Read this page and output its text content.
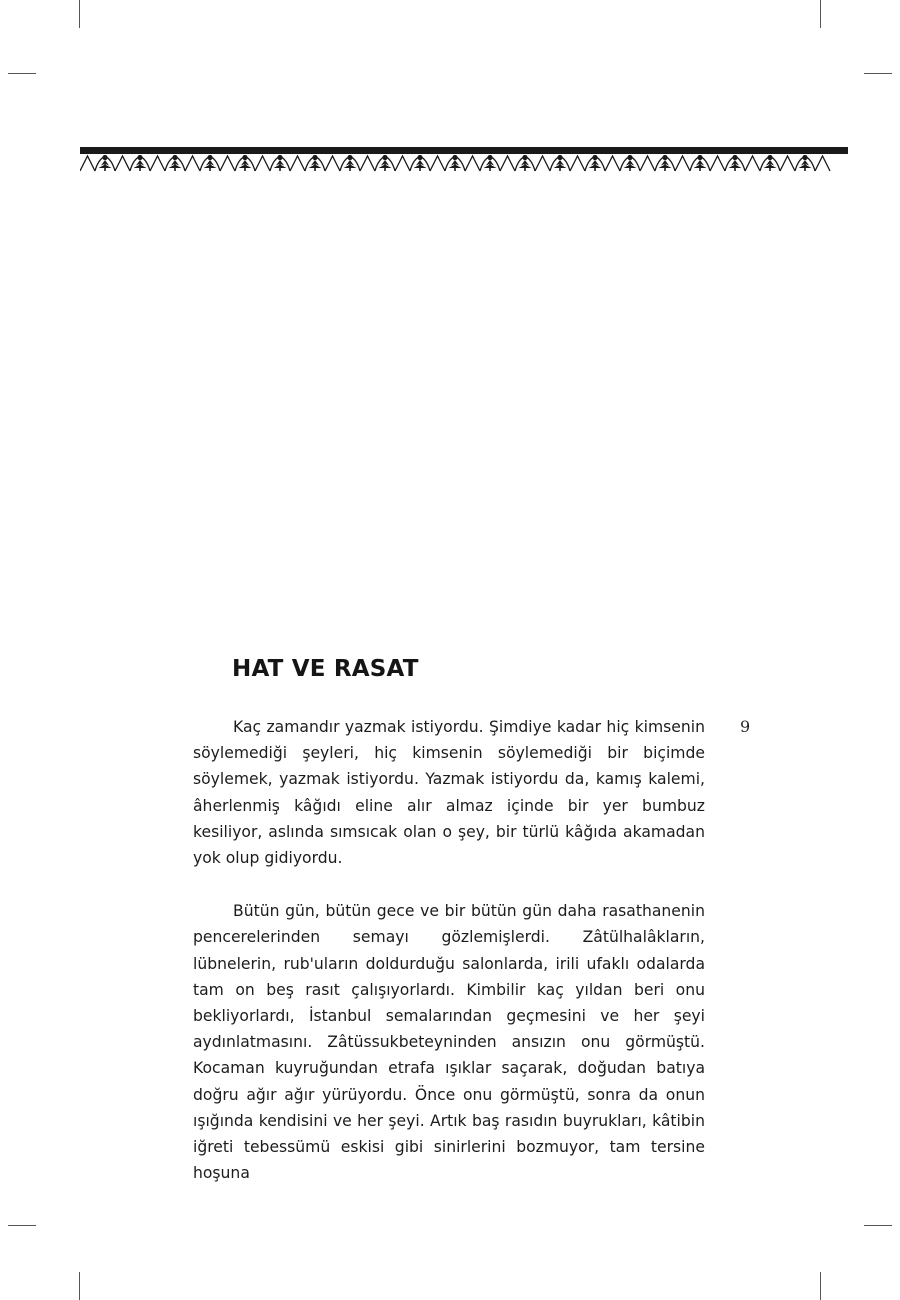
HAT VE RASAT
9

Kaç zamandır yazmak istiyordu. Şimdiye kadar hiç kimsenin söylemediği şeyleri, hiç kimsenin söylemediği bir biçimde söylemek, yazmak istiyordu. Yazmak istiyordu da, kamış kalemi, âherlenmiş kâğıdı eline alır almaz içinde bir yer bumbuz kesiliyor, aslında sımsıcak olan o şey, bir türlü kâğıda akamadan yok olup gidiyordu.

Bütün gün, bütün gece ve bir bütün gün daha rasathanenin pencerelerinden semayı gözlemişlerdi. Zâtülhalâkların, lübnelerin, rub'uların doldurduğu salonlarda, irili ufaklı odalarda tam on beş rasıt çalışıyorlardı. Kimbilir kaç yıldan beri onu bekliyorlardı, İstanbul semalarından geçmesini ve her şeyi aydınlatmasını. Zâtüssukbeteyninden ansızın onu görmüştü. Kocaman kuyruğundan etrafa ışıklar saçarak, doğudan batıya doğru ağır ağır yürüyordu. Önce onu görmüştü, sonra da onun ışığında kendisini ve her şeyi. Artık baş rasıdın buyrukları, kâtibin iğreti tebessümü eskisi gibi sinirlerini bozmuyor, tam tersine hoşuna
